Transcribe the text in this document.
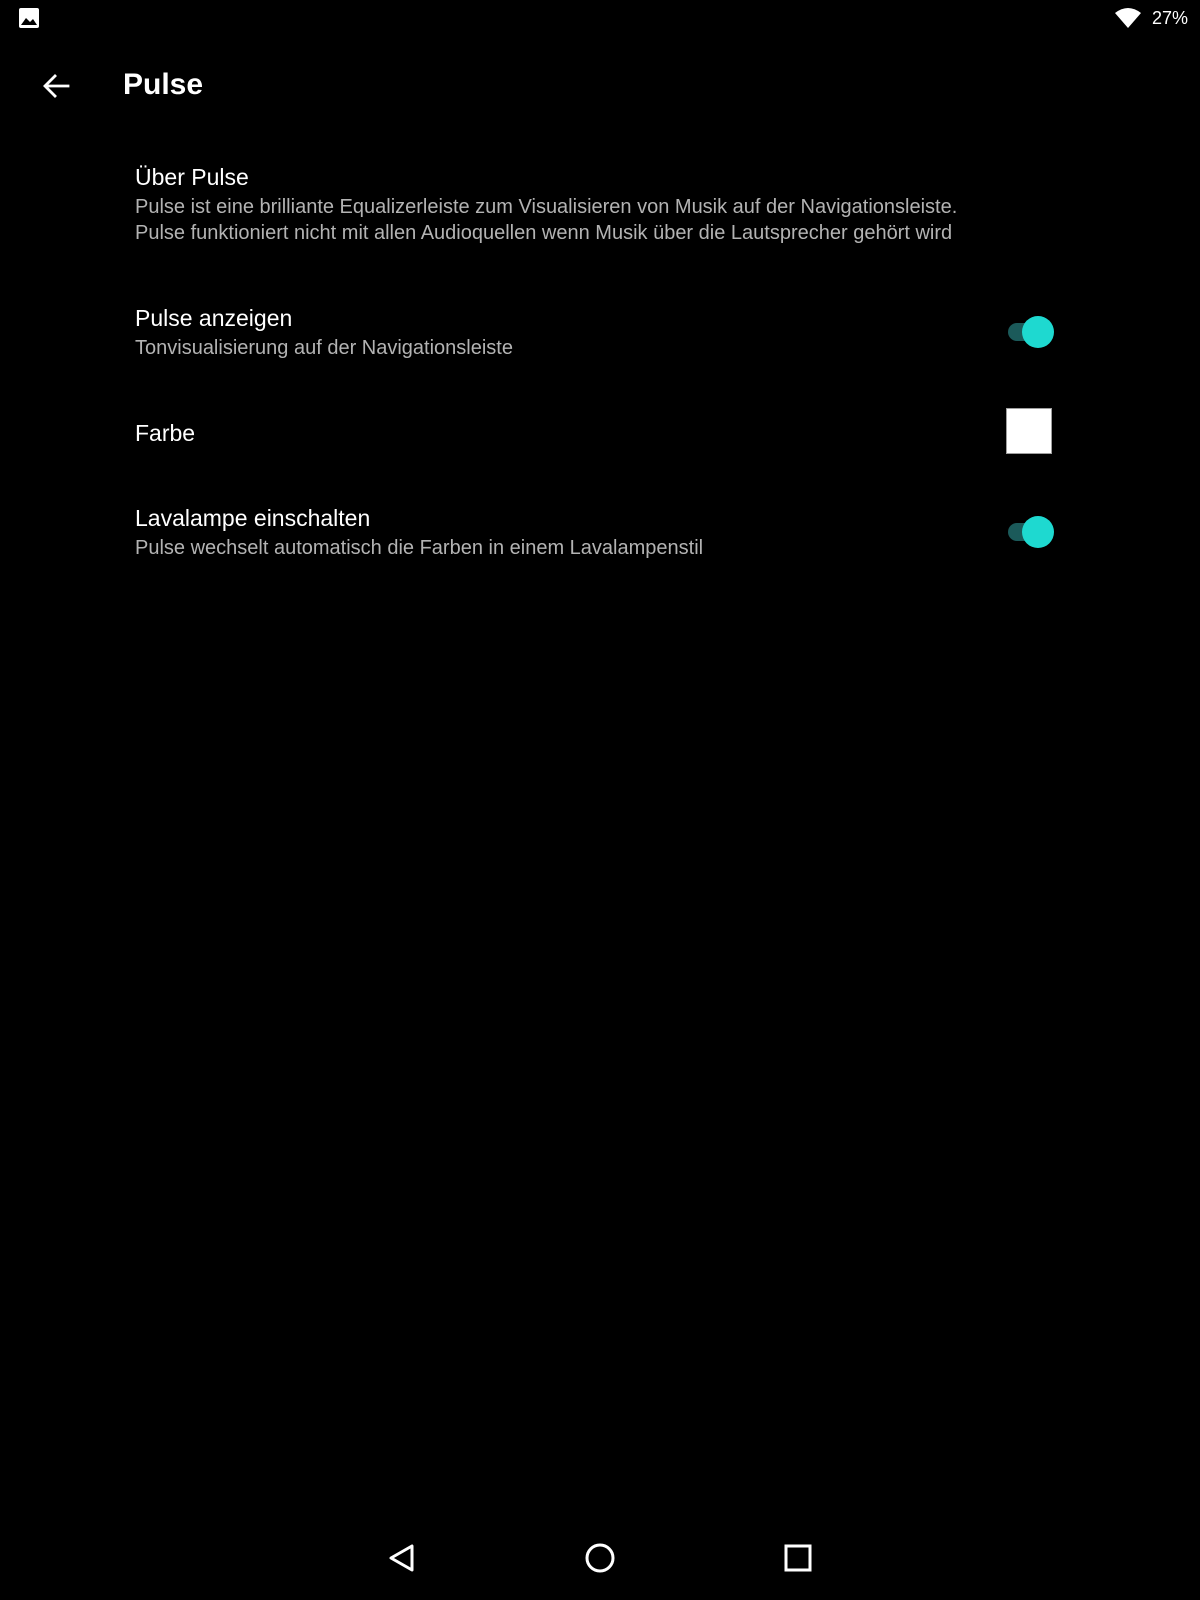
27%
Pulse
Über Pulse
Pulse ist eine brilliante Equalizerleiste zum Visualisieren von Musik auf der Navigationsleiste.
Pulse funktioniert nicht mit allen Audioquellen wenn Musik über die Lautsprecher gehört wird
Pulse anzeigen
Tonvisualisierung auf der Navigationsleiste
Farbe
Lavalampe einschalten
Pulse wechselt automatisch die Farben in einem Lavalampenstil
